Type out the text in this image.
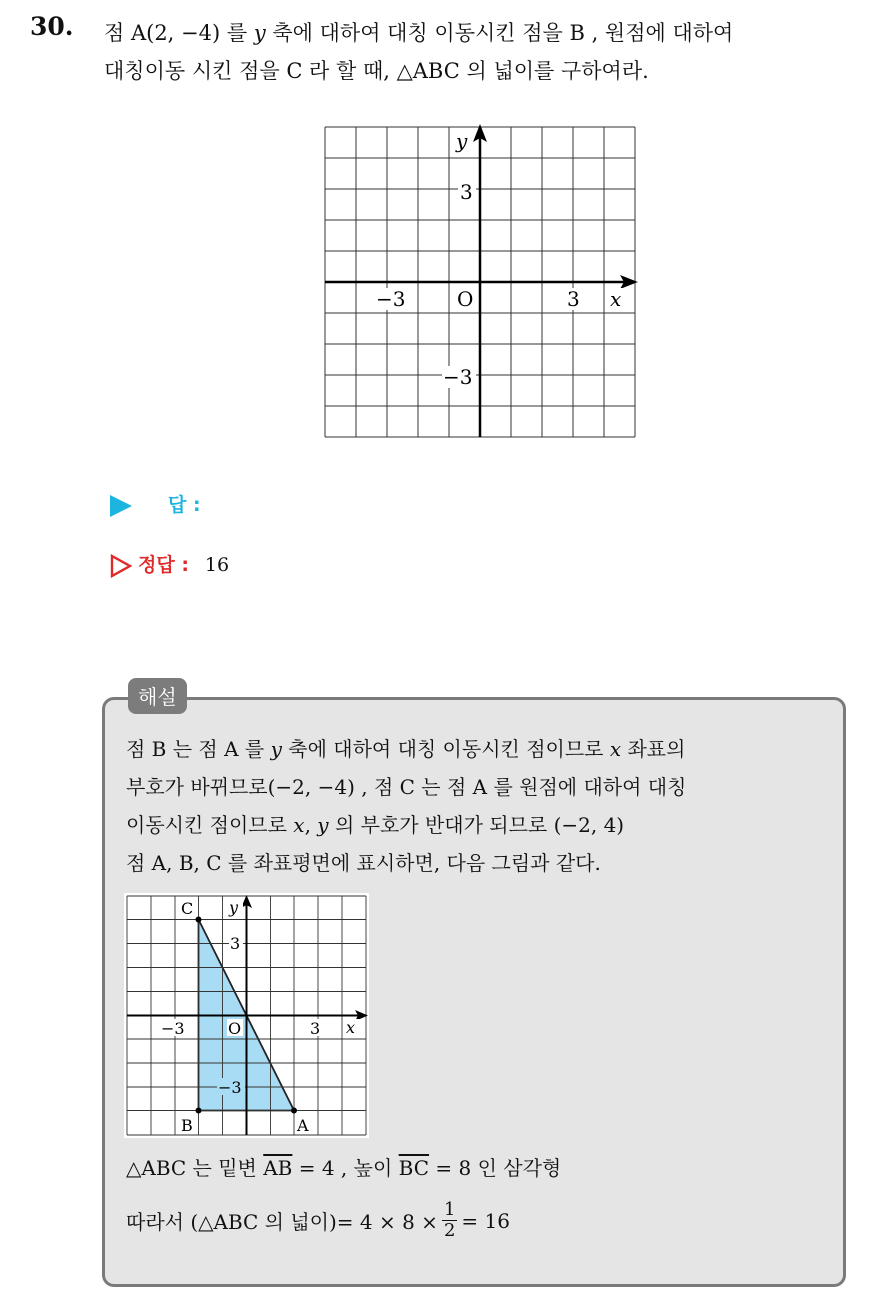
30. 점 A(2, −4) 를 y 축에 대하여 대칭 이동시킨 점을 B , 원점에 대하여
대칭이동 시킨 점을 C 라 할 때, △ABC 의 넓이를 구하여라.
y
3
−3	O	3 x
−3
답 :
정답 : 16
해설
점 B 는 점 A 를 y 축에 대하여 대칭 이동시킨 점이므로 x 좌표의
부호가 바뀌므로(−2, −4) , 점 C 는 점 A 를 원점에 대하여 대칭
이동시킨 점이므로 x, y 의 부호가 반대가 되므로 (−2, 4)
점 A, B, C 를 좌표평면에 표시하면, 다음 그림과 같다.
y
C
3
−3	O	3 x
−3
B	A
△ABC 는 밑변 $\overline{AB} = 4$ , 높이 $\overline{BC} = 8$ 인 삼각형
따라서 (△ABC 의 넓이)= $4 \times 8 \times \frac{1}{2} = 16$
